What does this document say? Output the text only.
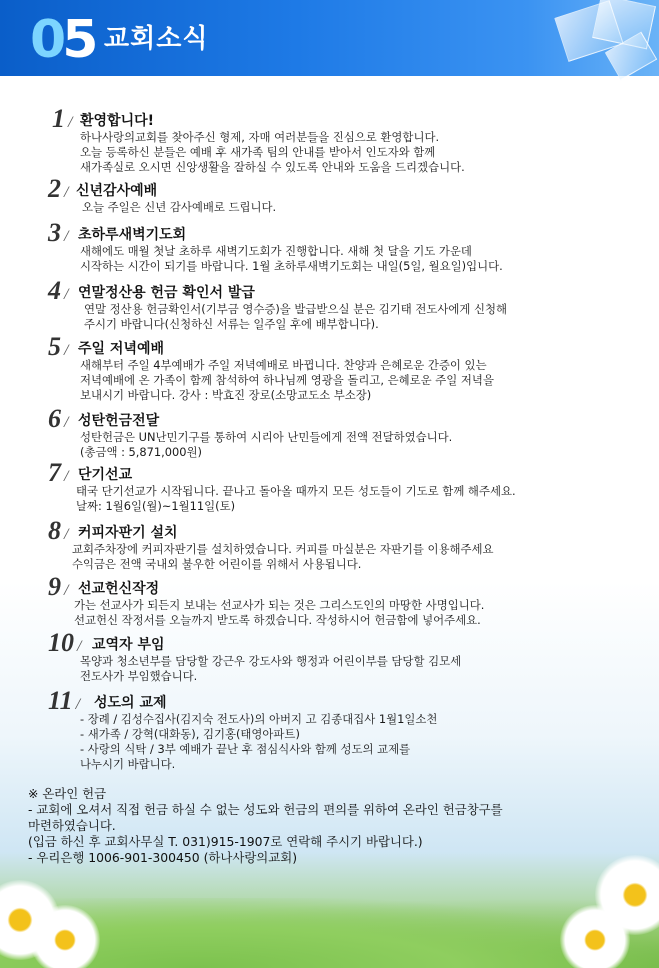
05 교회소식
1 /	환영합니다!
하나사랑의교회를 찾아주신 형제, 자매 여러분들을 진심으로 환영합니다.
오늘 등록하신 분들은 예배 후 새가족 팀의 안내를 받아서 인도자와 함께
새가족실로 오시면 신앙생활을 잘하실 수 있도록 안내와 도움을 드리겠습니다.
2 /	신년감사예배
오늘 주일은 신년 감사예배로 드립니다.
3 /	초하루새벽기도회
새해에도 매월 첫날 초하루 새벽기도회가 진행합니다. 새해 첫 달을 기도 가운데
시작하는 시간이 되기를 바랍니다. 1월 초하루새벽기도회는 내일(5일, 월요일)입니다.
4 /	연말정산용 헌금 확인서 발급
연말 정산용 헌금확인서(기부금 영수증)을 발급받으실 분은 김기태 전도사에게 신청해
주시기 바랍니다(신청하신 서류는 일주일 후에 배부합니다).
5 /	주일 저녁예배
새해부터 주일 4부예배가 주일 저녁예배로 바뀝니다. 찬양과 은혜로운 간증이 있는
저녁예배에 온 가족이 함께 참석하여 하나님께 영광을 돌리고, 은혜로운 주일 저녁을
보내시기 바랍니다. 강사 : 박효진 장로(소망교도소 부소장)
6 /	성탄헌금전달
성탄헌금은 UN난민기구를 통하여 시리아 난민들에게 전액 전달하였습니다.
(총금액 : 5,871,000원)
7 /	단기선교
태국 단기선교가 시작됩니다. 끝나고 돌아올 때까지 모든 성도들이 기도로 함께 해주세요.
날짜: 1월6일(월)~1월11일(토)
8 /	커피자판기 설치
교회주차장에 커피자판기를 설치하였습니다. 커피를 마실분은 자판기를 이용해주세요
수익금은 전액 국내외 불우한 어린이를 위해서 사용됩니다.
9 /	선교헌신작정
가는 선교사가 되든지 보내는 선교사가 되는 것은 그리스도인의 마땅한 사명입니다.
선교헌신 작정서를 오늘까지 받도록 하겠습니다. 작성하시어 헌금함에 넣어주세요.
10 /	교역자 부임
목양과 청소년부를 담당할 강근우 강도사와 행정과 어린이부를 담당할 김모세
전도사가 부임했습니다.
11 /	성도의 교제
- 장례 / 김성수집사(김지숙 전도사)의 아버지 고 김종대집사 1월1일소천
- 새가족 / 강혁(대화동), 김기홍(태영아파트)
- 사랑의 식탁 / 3부 예배가 끝난 후 점심식사와 함께 성도의 교제를
나누시기 바랍니다.
※ 온라인 헌금
- 교회에 오셔서 직접 헌금 하실 수 없는 성도와 헌금의 편의를 위하여 온라인 헌금창구를
마련하였습니다.
(입금 하신 후 교회사무실 T. 031)915-1907로 연락해 주시기 바랍니다.)
- 우리은행 1006-901-300450 (하나사랑의교회)
